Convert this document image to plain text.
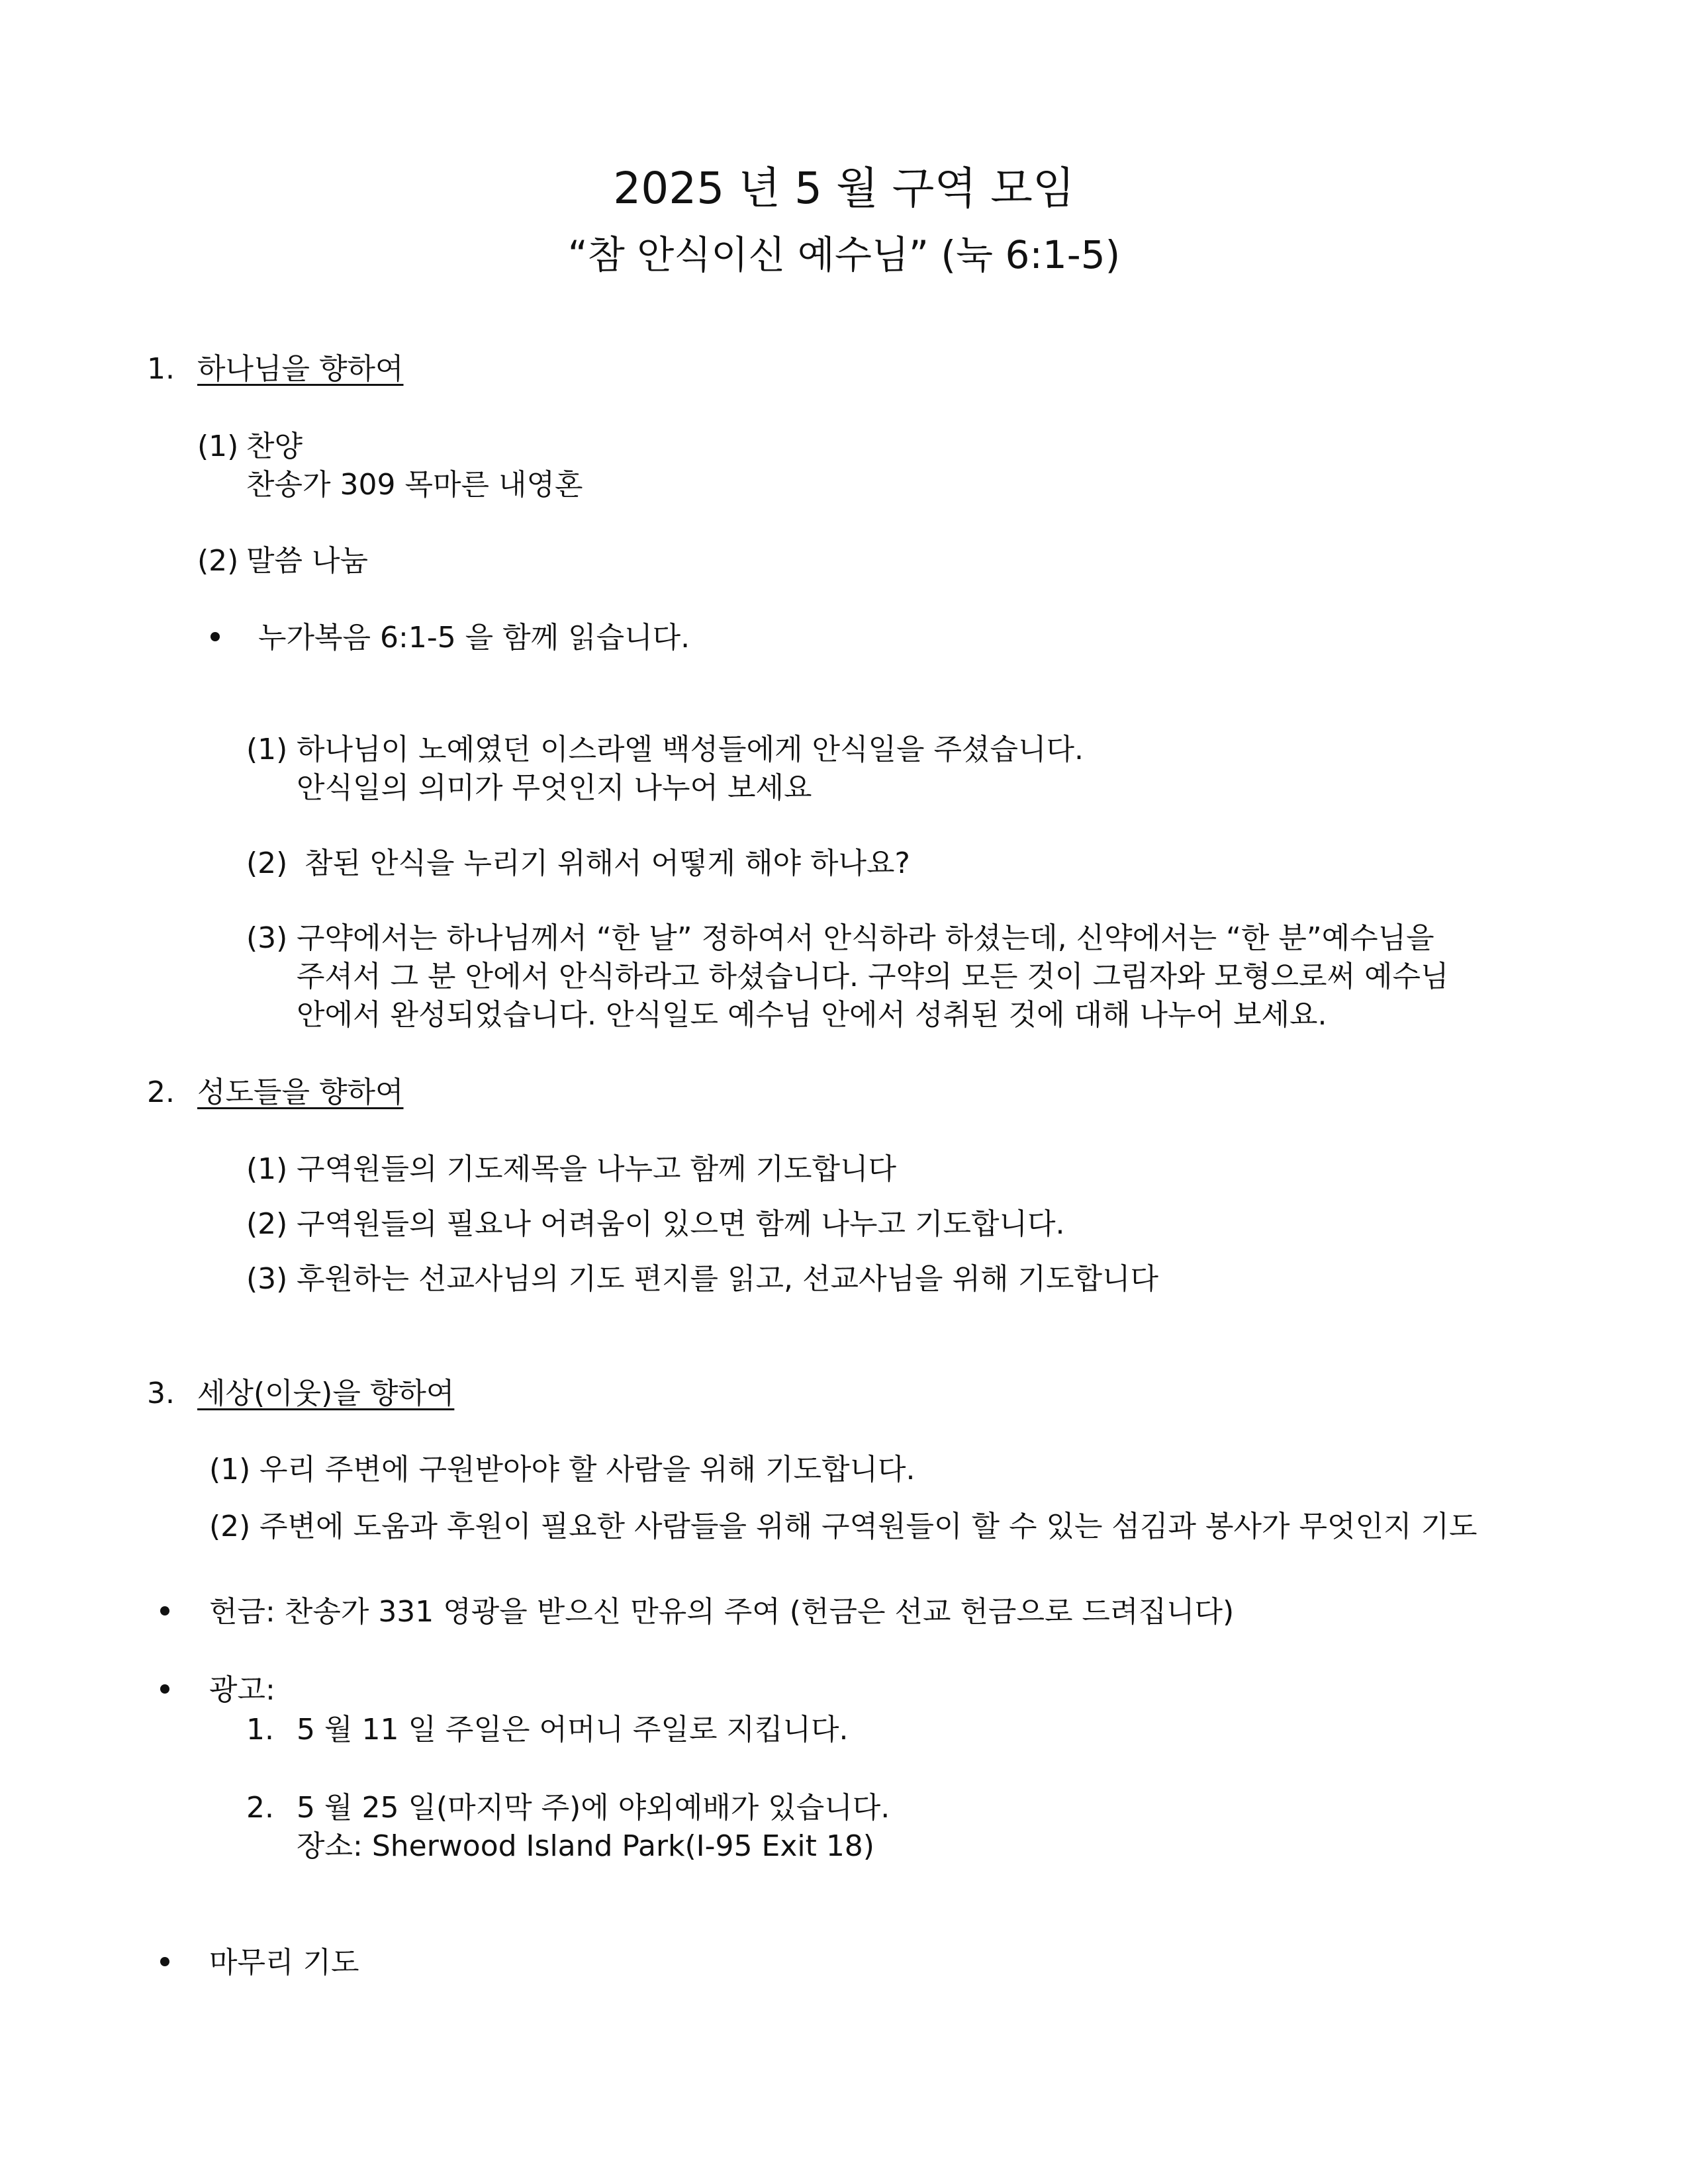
2025 년 5 월 구역 모임
“참 안식이신 예수님” (눅 6:1-5)
1. 하나님을 향하여
(1) 찬양
찬송가 309 목마른 내영혼
(2) 말씀 나눔
누가복음 6:1-5 을 함께 읽습니다.
(1) 하나님이 노예였던 이스라엘 백성들에게 안식일을 주셨습니다.
안식일의 의미가 무엇인지 나누어 보세요
(2) 참된 안식을 누리기 위해서 어떻게 해야 하나요?
(3) 구약에서는 하나님께서 “한 날” 정하여서 안식하라 하셨는데, 신약에서는 “한 분”예수님을
주셔서 그 분 안에서 안식하라고 하셨습니다. 구약의 모든 것이 그림자와 모형으로써 예수님
안에서 완성되었습니다. 안식일도 예수님 안에서 성취된 것에 대해 나누어 보세요.
2. 성도들을 향하여
(1) 구역원들의 기도제목을 나누고 함께 기도합니다
(2) 구역원들의 필요나 어려움이 있으면 함께 나누고 기도합니다.
(3) 후원하는 선교사님의 기도 편지를 읽고, 선교사님을 위해 기도합니다
3. 세상(이웃)을 향하여
(1) 우리 주변에 구원받아야 할 사람을 위해 기도합니다.
(2) 주변에 도움과 후원이 필요한 사람들을 위해 구역원들이 할 수 있는 섬김과 봉사가 무엇인지 기도
헌금: 찬송가 331 영광을 받으신 만유의 주여 (헌금은 선교 헌금으로 드려집니다)
광고:
1. 5 월 11 일 주일은 어머니 주일로 지킵니다.
2. 5 월 25 일(마지막 주)에 야외예배가 있습니다.
장소: Sherwood Island Park(I-95 Exit 18)
마무리 기도
